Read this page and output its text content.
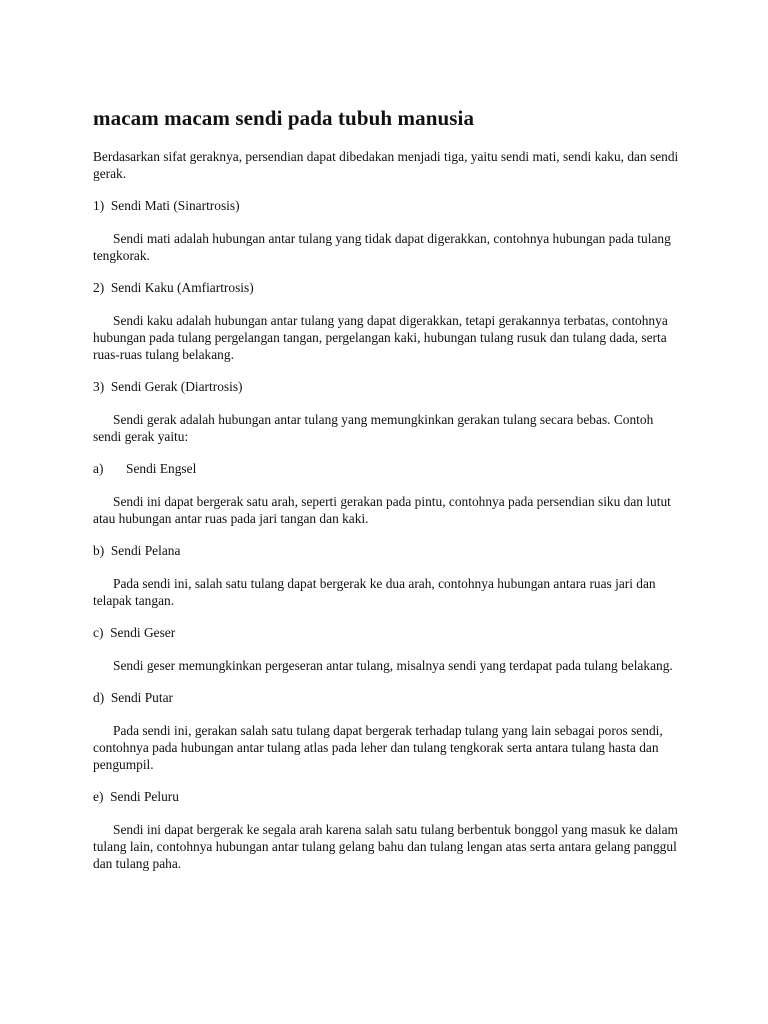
macam macam sendi pada tubuh manusia

Berdasarkan sifat geraknya, persendian dapat dibedakan menjadi tiga, yaitu sendi mati, sendi kaku, dan sendi gerak.

1) Sendi Mati (Sinartrosis)

Sendi mati adalah hubungan antar tulang yang tidak dapat digerakkan, contohnya hubungan pada tulang tengkorak.

2) Sendi Kaku (Amfiartrosis)

Sendi kaku adalah hubungan antar tulang yang dapat digerakkan, tetapi gerakannya terbatas, contohnya hubungan pada tulang pergelangan tangan, pergelangan kaki, hubungan tulang rusuk dan tulang dada, serta ruas-ruas tulang belakang.

3) Sendi Gerak (Diartrosis)

Sendi gerak adalah hubungan antar tulang yang memungkinkan gerakan tulang secara bebas. Contoh sendi gerak yaitu:

a) Sendi Engsel

Sendi ini dapat bergerak satu arah, seperti gerakan pada pintu, contohnya pada persendian siku dan lutut atau hubungan antar ruas pada jari tangan dan kaki.

b) Sendi Pelana

Pada sendi ini, salah satu tulang dapat bergerak ke dua arah, contohnya hubungan antara ruas jari dan telapak tangan.

c) Sendi Geser

Sendi geser memungkinkan pergeseran antar tulang, misalnya sendi yang terdapat pada tulang belakang.

d) Sendi Putar

Pada sendi ini, gerakan salah satu tulang dapat bergerak terhadap tulang yang lain sebagai poros sendi, contohnya pada hubungan antar tulang atlas pada leher dan tulang tengkorak serta antara tulang hasta dan pengumpil.

e) Sendi Peluru

Sendi ini dapat bergerak ke segala arah karena salah satu tulang berbentuk bonggol yang masuk ke dalam tulang lain, contohnya hubungan antar tulang gelang bahu dan tulang lengan atas serta antara gelang panggul dan tulang paha.
